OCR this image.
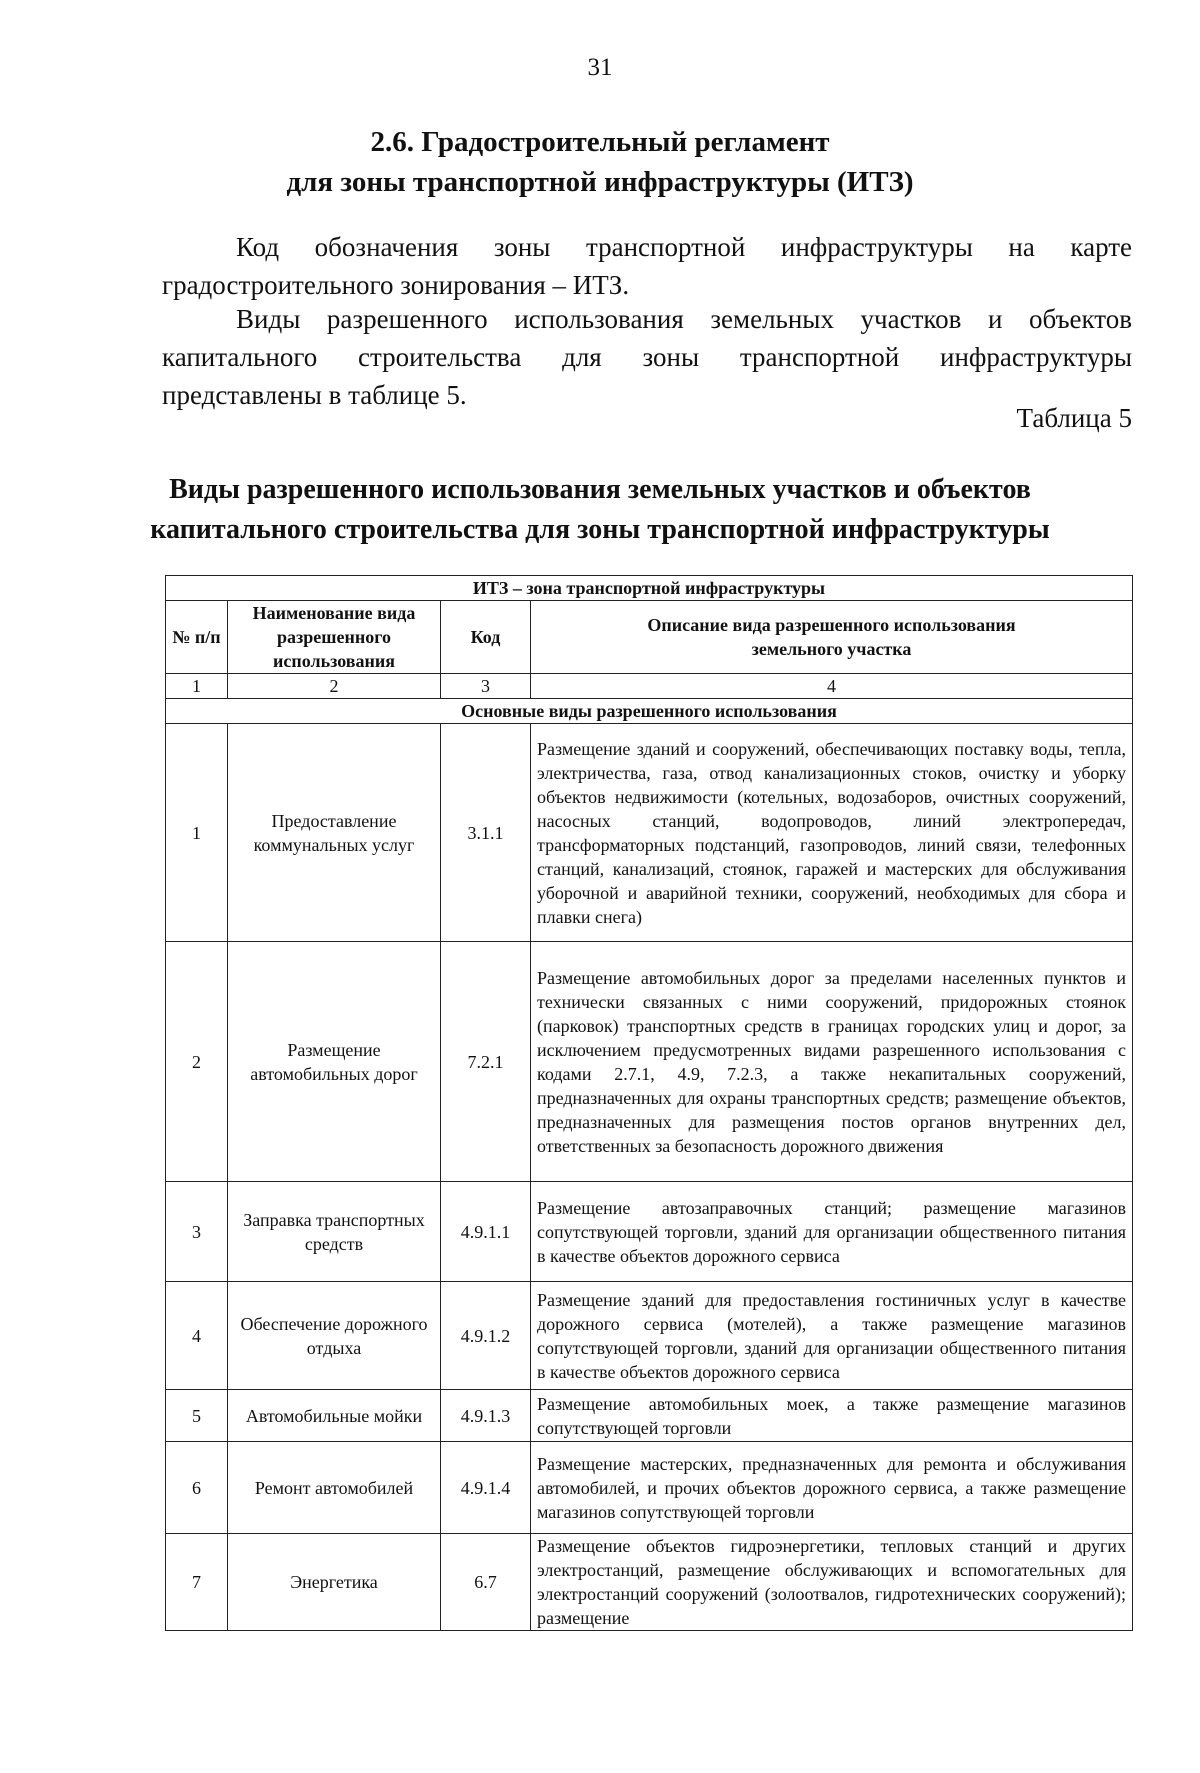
31
2.6. Градостроительный регламент
для зоны транспортной инфраструктуры (ИТЗ)
Код обозначения зоны транспортной инфраструктуры на карте
градостроительного зонирования – ИТЗ.
Виды разрешенного использования земельных участков и объектов
капитального строительства для зоны транспортной инфраструктуры
представлены в таблице 5.
Таблица 5
Виды разрешенного использования земельных участков и объектов
капитального строительства для зоны транспортной инфраструктуры
ИТЗ – зона транспортной инфраструктуры			
№ п/п	Наименование вида разрешенного использования	Код	Описание вида разрешенного использования земельного участка
1	2	3	4
Основные виды разрешенного использования			
1	Предоставление коммунальных услуг	3.1.1	Размещение зданий и сооружений, обеспечивающих поставку воды, тепла, электричества, газа, отвод канализационных стоков, очистку и уборку объектов недвижимости (котельных, водозаборов, очистных сооружений, насосных станций, водопроводов, линий электропередач, трансформаторных подстанций, газопроводов, линий связи, телефонных станций, канализаций, стоянок, гаражей и мастерских для обслуживания уборочной и аварийной техники, сооружений, необходимых для сбора и плавки снега)
2	Размещение автомобильных дорог	7.2.1	Размещение автомобильных дорог за пределами населенных пунктов и технически связанных с ними сооружений, придорожных стоянок (парковок) транспортных средств в границах городских улиц и дорог, за исключением предусмотренных видами разрешенного использования с кодами 2.7.1, 4.9, 7.2.3, а также некапитальных сооружений, предназначенных для охраны транспортных средств; размещение объектов, предназначенных для размещения постов органов внутренних дел, ответственных за безопасность дорожного движения
3	Заправка транспортных средств	4.9.1.1	Размещение автозаправочных станций; размещение магазинов сопутствующей торговли, зданий для организации общественного питания в качестве объектов дорожного сервиса
4	Обеспечение дорожного отдыха	4.9.1.2	Размещение зданий для предоставления гостиничных услуг в качестве дорожного сервиса (мотелей), а также размещение магазинов сопутствующей торговли, зданий для организации общественного питания в качестве объектов дорожного сервиса
5	Автомобильные мойки	4.9.1.3	Размещение автомобильных моек, а также размещение магазинов сопутствующей торговли
6	Ремонт автомобилей	4.9.1.4	Размещение мастерских, предназначенных для ремонта и обслуживания автомобилей, и прочих объектов дорожного сервиса, а также размещение магазинов сопутствующей торговли
7	Энергетика	6.7	Размещение объектов гидроэнергетики, тепловых станций и других электростанций, размещение обслуживающих и вспомогательных для электростанций сооружений (золоотвалов, гидротехнических сооружений); размещение
